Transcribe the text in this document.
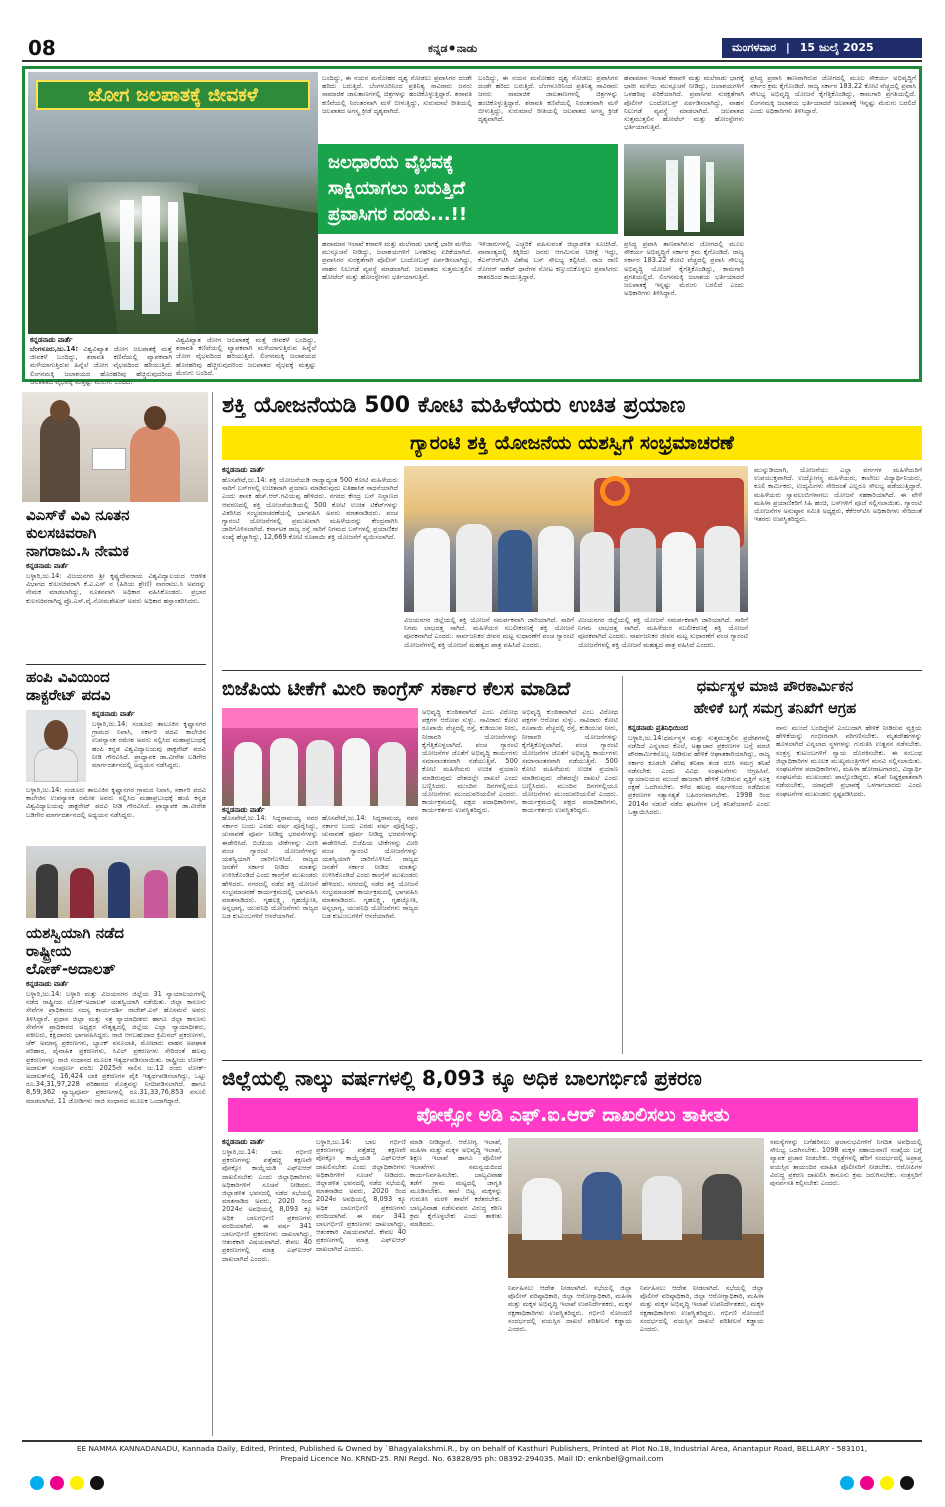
08	ಕನ್ನಡ⚫ನಾಡು	ಮಂಗಳವಾರ | 15 ಜುಲೈ 2025
ಜೋಗ ಜಲಪಾತಕ್ಕೆ ಜೀವಕಳೆ
ಜಲಧಾರೆಯ ವೈಭವಕ್ಕೆ
ಸಾಕ್ಷಿಯಾಗಲು ಬರುತ್ತಿದೆ
ಪ್ರವಾಸಿಗರ ದಂಡು...!!
ಕನ್ನಡನಾಡು ವಾರ್ತೆ
ಬೆಂಗಳೂರು,ಜು.14: ವಿಶ್ವವಿಖ್ಯಾತ ಜೋಗ ಜಲಪಾತಕ್ಕೆ ಮತ್ತೆ ಜೀವಕಳೆ ಬಂದಿದ್ದು, ಶರಾವತಿ ಕಣಿವೆಯಲ್ಲಿ ವ್ಯಾಪಕವಾಗಿ ಮಳೆಯಾಗುತ್ತಿರುವ ಹಿನ್ನೆಲೆ ಜೋಗ ವೈಭವದಿಂದ ಹರಿಯುತ್ತಿದೆ. ಲಿಂಗನಮಕ್ಕಿ ಜಲಾಶಯದ ಹೊರಹರಿವು ಹೆಚ್ಚಿರುವುದರಿಂದ ಜಲಪಾತದ ವೈಭವಕ್ಕೆ ಮತ್ತಷ್ಟು ಮೆರುಗು ಬಂದಿದೆ.
ವಿಶ್ವವಿಖ್ಯಾತ ಜೋಗ ಜಲಪಾತಕ್ಕೆ ಮತ್ತೆ ಜೀವಕಳೆ ಬಂದಿದ್ದು, ಶರಾವತಿ ಕಣಿವೆಯಲ್ಲಿ ವ್ಯಾಪಕವಾಗಿ ಮಳೆಯಾಗುತ್ತಿರುವ ಹಿನ್ನೆಲೆ ಜೋಗ ವೈಭವದಿಂದ ಹರಿಯುತ್ತಿದೆ. ಲಿಂಗನಮಕ್ಕಿ ಜಲಾಶಯದ ಹೊರಹರಿವು ಹೆಚ್ಚಿರುವುದರಿಂದ ಜಲಪಾತದ ವೈಭವಕ್ಕೆ ಮತ್ತಷ್ಟು ಮೆರುಗು ಬಂದಿದೆ.
ಬಂದಿದ್ದು, ಈ ನಯನ ಮನೋಹರ ದೃಶ್ಯ ನೋಡಲು ಪ್ರವಾಸಿಗರ ದಂಡೇ ಹರಿದು ಬರುತ್ತಿದೆ. ಬೆಂಗಳೂರಿನಿಂದ ಪ್ರತಿನಿತ್ಯ ಸಾವಿರಾರು ಜನರು ಸಾಮಾಜಿಕ ಜಾಲತಾಣಗಳಲ್ಲಿ ಚಿತ್ರಗಳನ್ನು ಹಂಚಿಕೊಳ್ಳುತ್ತಿದ್ದಾರೆ. ಶರಾವತಿ ಕಣಿವೆಯಲ್ಲಿ ನಿರಂತರವಾಗಿ ಮಳೆ ಬೀಳುತ್ತಿದ್ದು, ಸುರುಮಾಲೆ ರೀತಿಯಲ್ಲಿ ಜಲಪಾತದ ಅಗಸ್ತ್ಯ ಕ್ರೀಡೆ ದೃಶ್ಯವಾಗಿದೆ.
ಬಂದಿದ್ದು, ಈ ನಯನ ಮನೋಹರ ದೃಶ್ಯ ನೋಡಲು ಪ್ರವಾಸಿಗರ ದಂಡೇ ಹರಿದು ಬರುತ್ತಿದೆ. ಬೆಂಗಳೂರಿನಿಂದ ಪ್ರತಿನಿತ್ಯ ಸಾವಿರಾರು ಜನರು ಸಾಮಾಜಿಕ ಜಾಲತಾಣಗಳಲ್ಲಿ ಚಿತ್ರಗಳನ್ನು ಹಂಚಿಕೊಳ್ಳುತ್ತಿದ್ದಾರೆ. ಶರಾವತಿ ಕಣಿವೆಯಲ್ಲಿ ನಿರಂತರವಾಗಿ ಮಳೆ ಬೀಳುತ್ತಿದ್ದು, ಸುರುಮಾಲೆ ರೀತಿಯಲ್ಲಿ ಜಲಪಾತದ ಅಗಸ್ತ್ಯ ಕ್ರೀಡೆ ದೃಶ್ಯವಾಗಿದೆ.
ಹವಾಮಾನ ಇಲಾಖೆ ಕರಾವಳಿ ಮತ್ತು ಮಲೆನಾಡು ಭಾಗಕ್ಕೆ ಭಾರೀ ಮಳೆಯ ಮುನ್ಸೂಚನೆ ನೀಡಿದ್ದು, ಜಲಾಶಯಗಳಿಗೆ ಒಳಹರಿವು ಏರಿಕೆಯಾಗಿದೆ. ಪ್ರವಾಸಿಗರ ಸುರಕ್ಷತೆಗಾಗಿ ಪೊಲೀಸ್ ಬಂದೋಬಸ್ತ್ ಏರ್ಪಡಿಸಲಾಗಿದ್ದು, ವಾಹನ ನಿಲುಗಡೆ ವ್ಯವಸ್ಥೆ ಮಾಡಲಾಗಿದೆ. ಜಲಪಾತದ ಸುತ್ತಮುತ್ತಲಿನ ಹೋಟೆಲ್ ಮತ್ತು ಹೋಂಸ್ಟೇಗಳು ಭರ್ತಿಯಾಗುತ್ತಿವೆ.
ಪ್ರಸಿದ್ಧ ಪ್ರವಾಸಿ ತಾಣವಾಗಿರುವ ಜೋಗದಲ್ಲಿ ಮೂಲ ಸೌಕರ್ಯ ಅಭಿವೃದ್ಧಿಗೆ ಸರ್ಕಾರ ಕ್ರಮ ಕೈಗೊಂಡಿದೆ. ರಾಜ್ಯ ಸರ್ಕಾರ 183.22 ಕೋಟಿ ವೆಚ್ಚದಲ್ಲಿ ಪ್ರವಾಸಿ ಸೌಲಭ್ಯ ಅಭಿವೃದ್ಧಿ ಯೋಜನೆ ಕೈಗೆತ್ತಿಕೊಂಡಿದ್ದು, ಕಾಮಗಾರಿ ಪ್ರಗತಿಯಲ್ಲಿದೆ. ಲಿಂಗನಮಕ್ಕಿ ಜಲಾಶಯ ಭರ್ತಿಯಾದರೆ ಜಲಪಾತಕ್ಕೆ ಇನ್ನಷ್ಟು ಮೆರುಗು ಬರಲಿದೆ ಎಂದು ಅಧಿಕಾರಿಗಳು ತಿಳಿಸಿದ್ದಾರೆ.
ಹವಾಮಾನ ಇಲಾಖೆ ಕರಾವಳಿ ಮತ್ತು ಮಲೆನಾಡು ಭಾಗಕ್ಕೆ ಭಾರೀ ಮಳೆಯ ಮುನ್ಸೂಚನೆ ನೀಡಿದ್ದು, ಜಲಾಶಯಗಳಿಗೆ ಒಳಹರಿವು ಏರಿಕೆಯಾಗಿದೆ. ಪ್ರವಾಸಿಗರ ಸುರಕ್ಷತೆಗಾಗಿ ಪೊಲೀಸ್ ಬಂದೋಬಸ್ತ್ ಏರ್ಪಡಿಸಲಾಗಿದ್ದು, ವಾಹನ ನಿಲುಗಡೆ ವ್ಯವಸ್ಥೆ ಮಾಡಲಾಗಿದೆ. ಜಲಪಾತದ ಸುತ್ತಮುತ್ತಲಿನ ಹೋಟೆಲ್ ಮತ್ತು ಹೋಂಸ್ಟೇಗಳು ಭರ್ತಿಯಾಗುತ್ತಿವೆ.
ಇಳಿಜಾರುಗಳಲ್ಲಿ ಎಚ್ಚರಿಕೆ ವಹಿಸುವಂತೆ ಜಿಲ್ಲಾಡಳಿತ ಸೂಚಿಸಿದೆ. ವಾರಾಂತ್ಯದಲ್ಲಿ ಕಿಕ್ಕಿರಿದು ಜನರು ಆಗಮಿಸುವ ನಿರೀಕ್ಷೆ ಇದ್ದು, ಕೆಎಸ್‌ಆರ್‌ಟಿಸಿ ವಿಶೇಷ ಬಸ್ ಸೌಲಭ್ಯ ಕಲ್ಪಿಸಿದೆ. ರಾಜ ರಾಣಿ ರೋರರ್ ರಾಕೆಟ್ ಧಾರೆಗಳ ನೋಟ ಕಣ್ತುಂಬಿಕೊಳ್ಳಲು ಪ್ರವಾಸಿಗರು ಕಾತರದಿಂದ ಕಾಯುತ್ತಿದ್ದಾರೆ.
ಪ್ರಸಿದ್ಧ ಪ್ರವಾಸಿ ತಾಣವಾಗಿರುವ ಜೋಗದಲ್ಲಿ ಮೂಲ ಸೌಕರ್ಯ ಅಭಿವೃದ್ಧಿಗೆ ಸರ್ಕಾರ ಕ್ರಮ ಕೈಗೊಂಡಿದೆ. ರಾಜ್ಯ ಸರ್ಕಾರ 183.22 ಕೋಟಿ ವೆಚ್ಚದಲ್ಲಿ ಪ್ರವಾಸಿ ಸೌಲಭ್ಯ ಅಭಿವೃದ್ಧಿ ಯೋಜನೆ ಕೈಗೆತ್ತಿಕೊಂಡಿದ್ದು, ಕಾಮಗಾರಿ ಪ್ರಗತಿಯಲ್ಲಿದೆ. ಲಿಂಗನಮಕ್ಕಿ ಜಲಾಶಯ ಭರ್ತಿಯಾದರೆ ಜಲಪಾತಕ್ಕೆ ಇನ್ನಷ್ಟು ಮೆರುಗು ಬರಲಿದೆ ಎಂದು ಅಧಿಕಾರಿಗಳು ತಿಳಿಸಿದ್ದಾರೆ.
ವಿಎಸ್‌ಕೆ ವಿವಿ ನೂತನ
ಕುಲಸಚಿವರಾಗಿ
ನಾಗರಾಜು.ಸಿ ನೇಮಕ
ಕನ್ನಡನಾಡು ವಾರ್ತೆ
ಬಳ್ಳಾರಿ,ಜು.14: ವಿಜಯನಗರ ಶ್ರೀ ಕೃಷ್ಣದೇವರಾಯ ವಿಶ್ವವಿದ್ಯಾಲಯದ ಆಡಳಿತ ವಿಭಾಗದ ಕುಲಸಚಿವರಾಗಿ ಕೆ.ಎ.ಎಸ್ ನ (ಹಿರಿಯ ಶ್ರೇಣಿ) ನಾಗರಾಜು.ಸಿ ಅವರನ್ನು ನೇಮಕ ಮಾಡಲಾಗಿದ್ದು, ನೂತನವಾಗಿ ಅಧಿಕಾರ ವಹಿಸಿಕೊಂಡರು. ಪ್ರಭಾರ ಕುಲಸಚಿವರಾಗಿದ್ದ ಪ್ರೊ.ಎಸ್.ವೈ.ಸೋಮಶೇಖರ್ ಅವರು ಅಧಿಕಾರ ಹಸ್ತಾಂತರಿಸಿದರು.
ಹಂಪಿ ವಿವಿಯಿಂದ
ಡಾಕ್ಟರೇಟ್ ಪದವಿ
ಕನ್ನಡನಾಡು ವಾರ್ತೆ
ಬಳ್ಳಾರಿ,ಜು.14: ಸಂಡೂರು ತಾಲೂಕಿನ ಕೃಷ್ಣಾನಗರ ಗ್ರಾಮದ ನಿವಾಸಿ, ಸರ್ಕಾರಿ ಪದವಿ ಕಾಲೇಜಿನ ಉಪನ್ಯಾಸಕ ರಮೇಶ ಅವರು ಸಲ್ಲಿಸಿದ ಮಹಾಪ್ರಬಂಧಕ್ಕೆ ಹಂಪಿ ಕನ್ನಡ ವಿಶ್ವವಿದ್ಯಾಲಯವು ಡಾಕ್ಟರೇಟ್ ಪದವಿ ನೀಡಿ ಗೌರವಿಸಿದೆ. ಪ್ರಾಧ್ಯಾಪಕ ಡಾ.ವೀರೇಶ ಬಡಿಗೇರ ಮಾರ್ಗದರ್ಶನದಲ್ಲಿ ಅಧ್ಯಯನ ನಡೆಸಿದ್ದರು.
ಬಳ್ಳಾರಿ,ಜು.14: ಸಂಡೂರು ತಾಲೂಕಿನ ಕೃಷ್ಣಾನಗರ ಗ್ರಾಮದ ನಿವಾಸಿ, ಸರ್ಕಾರಿ ಪದವಿ ಕಾಲೇಜಿನ ಉಪನ್ಯಾಸಕ ರಮೇಶ ಅವರು ಸಲ್ಲಿಸಿದ ಮಹಾಪ್ರಬಂಧಕ್ಕೆ ಹಂಪಿ ಕನ್ನಡ ವಿಶ್ವವಿದ್ಯಾಲಯವು ಡಾಕ್ಟರೇಟ್ ಪದವಿ ನೀಡಿ ಗೌರವಿಸಿದೆ. ಪ್ರಾಧ್ಯಾಪಕ ಡಾ.ವೀರೇಶ ಬಡಿಗೇರ ಮಾರ್ಗದರ್ಶನದಲ್ಲಿ ಅಧ್ಯಯನ ನಡೆಸಿದ್ದರು.
ಯಶಸ್ವಿಯಾಗಿ ನಡೆದ
ರಾಷ್ಟ್ರೀಯ
ಲೋಕ್-ಅದಾಲತ್
ಕನ್ನಡನಾಡು ವಾರ್ತೆ
ಬಳ್ಳಾರಿ,ಜು.14: ಬಳ್ಳಾರಿ ಮತ್ತು ವಿಜಯನಗರ ಜಿಲ್ಲೆಯ 31 ನ್ಯಾಯಾಲಯಗಳಲ್ಲಿ ನಡೆದ ರಾಷ್ಟ್ರೀಯ ಲೋಕ್-ಅದಾಲತ್ ಯಶಸ್ವಿಯಾಗಿ ನಡೆಯಿತು. ಜಿಲ್ಲಾ ಕಾನೂನು ಸೇವೆಗಳ ಪ್ರಾಧಿಕಾರದ ಸದಸ್ಯ ಕಾರ್ಯದರ್ಶಿ ರಾಜೇಶ್.ಎನ್ ಹೊಸಮನೆ ಅವರು ತಿಳಿಸಿದ್ದಾರೆ. ಪ್ರಧಾನ ಜಿಲ್ಲಾ ಮತ್ತು ಸತ್ರ ನ್ಯಾಯಾಧೀಶರು ಹಾಗೂ ಜಿಲ್ಲಾ ಕಾನೂನು ಸೇವೆಗಳ ಪ್ರಾಧಿಕಾರದ ಅಧ್ಯಕ್ಷರ ನೇತೃತ್ವದಲ್ಲಿ ಜಿಲ್ಲೆಯ ಎಲ್ಲಾ ನ್ಯಾಯಾಧೀಶರು, ವಕೀಲರು, ಕಕ್ಷಿದಾರರು ಭಾಗವಹಿಸಿದ್ದರು. ರಾಜಿ ಆಗಬಹುದಾದ ಕ್ರಿಮಿನಲ್ ಪ್ರಕರಣಗಳು, ಚೆಕ್ ಅಮಾನ್ಯ ಪ್ರಕರಣಗಳು, ಬ್ಯಾಂಕ್ ವಸೂಲಾತಿ, ಮೋಟಾರು ವಾಹನ ಅಪಘಾತ ಪರಿಹಾರ, ವೈವಾಹಿಕ ಪ್ರಕರಣಗಳು, ಸಿವಿಲ್ ಪ್ರಕರಣಗಳು ಸೇರಿದಂತೆ ಹಲವು ಪ್ರಕರಣಗಳನ್ನು ರಾಜಿ ಸಂಧಾನದ ಮೂಲಕ ಇತ್ಯರ್ಥಪಡಿಸಲಾಯಿತು. ರಾಷ್ಟ್ರೀಯ ಲೋಕ್-ಅದಾಲತ್ ಸಂಪೂರ್ಣ ವರದಿ: 2025ನೇ ಸಾಲಿನ ಜು.12 ರಂದು ಲೋಕ್-ಅದಾಲತ್‌ನಲ್ಲಿ 16,424 ಬಾಕಿ ಪ್ರಕರಣಗಳ ಪೈಕಿ ಇತ್ಯರ್ಥಪಡಿಸಲಾಗಿದ್ದು, ಒಟ್ಟು ರೂ.34,31,97,228 ಪರಿಹಾರದ ಮೊತ್ತವನ್ನು ನಿಗದಿಪಡಿಸಲಾಗಿದೆ. ಹಾಗೂ 8,59,362 ವ್ಯಾಜ್ಯಪೂರ್ವ ಪ್ರಕರಣಗಳಲ್ಲಿ ರೂ.31,33,76,853 ವಸೂಲಿ ಮಾಡಲಾಗಿದೆ. 11 ಜೋಡಿಗಳು ರಾಜಿ ಸಂಧಾನದ ಮೂಲಕ ಒಂದಾಗಿದ್ದಾರೆ.
ಶಕ್ತಿ ಯೋಜನೆಯಡಿ 500 ಕೋಟಿ ಮಹಿಳೆಯರು ಉಚಿತ ಪ್ರಯಾಣ
ಗ್ಯಾರಂಟಿ ಶಕ್ತಿ ಯೋಜನೆಯ ಯಶಸ್ವಿಗೆ ಸಂಭ್ರಮಾಚರಣೆ
ಕನ್ನಡನಾಡು ವಾರ್ತೆ
ಹೊಸಪೇಟೆ,ಜು.14: ಶಕ್ತಿ ಯೋಜನೆಯಡಿ ರಾಜ್ಯಾದ್ಯಂತ 500 ಕೋಟಿ ಮಹಿಳೆಯರು ಸಾರಿಗೆ ಬಸ್‌ಗಳಲ್ಲಿ ಉಚಿತವಾಗಿ ಪ್ರಯಾಣ ಮಾಡಿರುವುದು ಐತಿಹಾಸಿಕ ಸಾಧನೆಯಾಗಿದೆ ಎಂದು ಶಾಸಕ ಹೆಚ್.ಆರ್.ಗವಿಯಪ್ಪ ಹೇಳಿದರು. ನಗರದ ಕೇಂದ್ರ ಬಸ್ ನಿಲ್ದಾಣದ ಆವರಣದಲ್ಲಿ ಶಕ್ತಿ ಯೋಜನೆಯಡಿಯಲ್ಲಿ 500 ಕೋಟಿ ಉಚಿತ ಟಿಕೆಟ್‌ಗಳನ್ನು ವಿತರಿಸಿದ ಸಂಭ್ರಮಾಚರಣೆಯಲ್ಲಿ ಭಾಗವಹಿಸಿ ಅವರು ಮಾತನಾಡಿದರು. ಪಂಚ ಗ್ಯಾರಂಟಿ ಯೋಜನೆಗಳಲ್ಲಿ ಪ್ರಮುಖವಾಗಿ ಮಹಿಳೆಯರನ್ನು ಕೇಂದ್ರವಾಗಿಸಿ ಜಾರಿಗೊಳಿಸಲಾಗಿದೆ. ಕರ್ನಾಟಕ ರಾಜ್ಯ ರಸ್ತೆ ಸಾರಿಗೆ ನಿಗಮದ ಬಸ್‌ಗಳಲ್ಲಿ ಪ್ರಯಾಣಿಕರ ಸಂಖ್ಯೆ ಹೆಚ್ಚಾಗಿದ್ದು, 12,669 ಕೋಟಿ ರೂಪಾಯಿ ಶಕ್ತಿ ಯೋಜನೆಗೆ ವ್ಯಯಿಸಲಾಗಿದೆ.
ವಿಜಯನಗರ ಜಿಲ್ಲೆಯಲ್ಲಿ ಶಕ್ತಿ ಯೋಜನೆ ಸಮರ್ಪಕವಾಗಿ ಜಾರಿಯಾಗಿದೆ. ಸಾರಿಗೆ ನಿಗಮ ಲಾಭದತ್ತ ಸಾಗಿದೆ. ಮಹಿಳೆಯರ ಸಬಲೀಕರಣಕ್ಕೆ ಶಕ್ತಿ ಯೋಜನೆ ಪೂರಕವಾಗಿದೆ ಎಂದರು. ಸಾರ್ವಜನಿಕರ ಜೀವನ ಮಟ್ಟ ಸುಧಾರಣೆಗೆ ಪಂಚ ಗ್ಯಾರಂಟಿ ಯೋಜನೆಗಳಲ್ಲಿ ಶಕ್ತಿ ಯೋಜನೆ ಮಹತ್ವದ ಪಾತ್ರ ವಹಿಸಿದೆ ಎಂದರು.
ವಿಜಯನಗರ ಜಿಲ್ಲೆಯಲ್ಲಿ ಶಕ್ತಿ ಯೋಜನೆ ಸಮರ್ಪಕವಾಗಿ ಜಾರಿಯಾಗಿದೆ. ಸಾರಿಗೆ ನಿಗಮ ಲಾಭದತ್ತ ಸಾಗಿದೆ. ಮಹಿಳೆಯರ ಸಬಲೀಕರಣಕ್ಕೆ ಶಕ್ತಿ ಯೋಜನೆ ಪೂರಕವಾಗಿದೆ ಎಂದರು. ಸಾರ್ವಜನಿಕರ ಜೀವನ ಮಟ್ಟ ಸುಧಾರಣೆಗೆ ಪಂಚ ಗ್ಯಾರಂಟಿ ಯೋಜನೆಗಳಲ್ಲಿ ಶಕ್ತಿ ಯೋಜನೆ ಮಹತ್ವದ ಪಾತ್ರ ವಹಿಸಿದೆ ಎಂದರು.
ಮುನ್ನುಡಿಯಾಗಿ, ಯೋಜನೆಯು ಎಲ್ಲಾ ವರ್ಗಗಳ ಮಹಿಳೆಯರಿಗೆ ಉಪಯುಕ್ತವಾಗಿದೆ. ಉದ್ಯೋಗಸ್ಥ ಮಹಿಳೆಯರು, ಕಾಲೇಜು ವಿದ್ಯಾರ್ಥಿನಿಯರು, ಕೂಲಿ ಕಾರ್ಮಿಕರು, ಉದ್ಯಮಿಗಳು ಸೇರಿದಂತೆ ಎಲ್ಲರೂ ಸೌಲಭ್ಯ ಪಡೆಯುತ್ತಿದ್ದಾರೆ. ಮಹಿಳೆಯರು ಸ್ವಾವಲಂಬಿಗಳಾಗಲು ಯೋಜನೆ ಸಹಕಾರಿಯಾಗಿದೆ. ಈ ವೇಳೆ ಮಹಿಳಾ ಪ್ರಯಾಣಿಕರಿಗೆ ಸಿಹಿ ಹಂಚಿ, ಬಸ್‌ಗಳಿಗೆ ಪೂಜೆ ಸಲ್ಲಿಸಲಾಯಿತು. ಗ್ಯಾರಂಟಿ ಯೋಜನೆಗಳ ಅನುಷ್ಠಾನ ಸಮಿತಿ ಅಧ್ಯಕ್ಷರು, ಕೆಕೆಆರ್‌ಟಿಸಿ ಅಧಿಕಾರಿಗಳು ಸೇರಿದಂತೆ ಇತರರು ಉಪಸ್ಥಿತರಿದ್ದರು.
ಬಿಜೆಪಿಯ ಟೀಕೆಗೆ ಮೀರಿ ಕಾಂಗ್ರೆಸ್ ಸರ್ಕಾರ ಕೆಲಸ ಮಾಡಿದೆ
ಹೊಸಪೇಟೆ,ಜು.14: ಸಿದ್ದರಾಮಯ್ಯ ನವರ ಸರ್ಕಾರ ಬಂದು ಎರಡು ವರ್ಷ ಪೂರೈಸಿದ್ದು, ಚುನಾವಣೆ ಪೂರ್ವ ನೀಡಿದ್ದ ಭರವಸೆಗಳನ್ನು ಈಡೇರಿಸಿದೆ. ಬಿಜೆಪಿಯ ಟೀಕೆಗಳನ್ನು ಮೀರಿ ಪಂಚ ಗ್ಯಾರಂಟಿ ಯೋಜನೆಗಳನ್ನು ಯಶಸ್ವಿಯಾಗಿ ಜಾರಿಗೊಳಿಸಿದೆ. ರಾಜ್ಯದ ಜನತೆಗೆ ಸರ್ಕಾರ ನೀಡಿದ ಮಾತನ್ನು ಉಳಿಸಿಕೊಂಡಿದೆ ಎಂದು ಕಾಂಗ್ರೆಸ್ ಮುಖಂಡರು ಹೇಳಿದರು. ನಗರದಲ್ಲಿ ನಡೆದ ಶಕ್ತಿ ಯೋಜನೆ ಸಂಭ್ರಮಾಚರಣೆ ಕಾರ್ಯಕ್ರಮದಲ್ಲಿ ಭಾಗವಹಿಸಿ ಮಾತನಾಡಿದರು. ಗೃಹಲಕ್ಷ್ಮಿ, ಗೃಹಜ್ಯೋತಿ, ಅನ್ನಭಾಗ್ಯ, ಯುವನಿಧಿ ಯೋಜನೆಗಳು ರಾಜ್ಯದ ಬಡ ಕುಟುಂಬಗಳಿಗೆ ಆಸರೆಯಾಗಿವೆ.
ಹೊಸಪೇಟೆ,ಜು.14: ಸಿದ್ದರಾಮಯ್ಯ ನವರ ಸರ್ಕಾರ ಬಂದು ಎರಡು ವರ್ಷ ಪೂರೈಸಿದ್ದು, ಚುನಾವಣೆ ಪೂರ್ವ ನೀಡಿದ್ದ ಭರವಸೆಗಳನ್ನು ಈಡೇರಿಸಿದೆ. ಬಿಜೆಪಿಯ ಟೀಕೆಗಳನ್ನು ಮೀರಿ ಪಂಚ ಗ್ಯಾರಂಟಿ ಯೋಜನೆಗಳನ್ನು ಯಶಸ್ವಿಯಾಗಿ ಜಾರಿಗೊಳಿಸಿದೆ. ರಾಜ್ಯದ ಜನತೆಗೆ ಸರ್ಕಾರ ನೀಡಿದ ಮಾತನ್ನು ಉಳಿಸಿಕೊಂಡಿದೆ ಎಂದು ಕಾಂಗ್ರೆಸ್ ಮುಖಂಡರು ಹೇಳಿದರು. ನಗರದಲ್ಲಿ ನಡೆದ ಶಕ್ತಿ ಯೋಜನೆ ಸಂಭ್ರಮಾಚರಣೆ ಕಾರ್ಯಕ್ರಮದಲ್ಲಿ ಭಾಗವಹಿಸಿ ಮಾತನಾಡಿದರು. ಗೃಹಲಕ್ಷ್ಮಿ, ಗೃಹಜ್ಯೋತಿ, ಅನ್ನಭಾಗ್ಯ, ಯುವನಿಧಿ ಯೋಜನೆಗಳು ರಾಜ್ಯದ ಬಡ ಕುಟುಂಬಗಳಿಗೆ ಆಸರೆಯಾಗಿವೆ.
ಕನ್ನಡನಾಡು ವಾರ್ತೆ
ಅಭಿವೃದ್ಧಿ ಕುಂಠಿತವಾಗಿದೆ ಎಂಬ ವಿರೋಧ ಪಕ್ಷಗಳ ಆರೋಪ ಸುಳ್ಳು. ಸಾವಿರಾರು ಕೋಟಿ ರೂಪಾಯಿ ವೆಚ್ಚದಲ್ಲಿ ರಸ್ತೆ, ಕುಡಿಯುವ ನೀರು, ನೀರಾವರಿ ಯೋಜನೆಗಳನ್ನು ಕೈಗೆತ್ತಿಕೊಳ್ಳಲಾಗಿದೆ. ಪಂಚ ಗ್ಯಾರಂಟಿ ಯೋಜನೆಗಳ ಜೊತೆಗೆ ಅಭಿವೃದ್ಧಿ ಕಾರ್ಯಗಳು ಸಮಾನಾಂತರವಾಗಿ ನಡೆಯುತ್ತಿವೆ. 500 ಕೋಟಿ ಮಹಿಳೆಯರು ಉಚಿತ ಪ್ರಯಾಣ ಮಾಡಿರುವುದು ದೇಶದಲ್ಲೇ ದಾಖಲೆ ಎಂದು ಬಣ್ಣಿಸಿದರು. ಮುಂದಿನ ದಿನಗಳಲ್ಲಿಯೂ ಯೋಜನೆಗಳು ಮುಂದುವರಿಯಲಿವೆ ಎಂದರು. ಕಾರ್ಯಕ್ರಮದಲ್ಲಿ ಪಕ್ಷದ ಪದಾಧಿಕಾರಿಗಳು, ಕಾರ್ಯಕರ್ತರು ಉಪಸ್ಥಿತರಿದ್ದರು.
ಅಭಿವೃದ್ಧಿ ಕುಂಠಿತವಾಗಿದೆ ಎಂಬ ವಿರೋಧ ಪಕ್ಷಗಳ ಆರೋಪ ಸುಳ್ಳು. ಸಾವಿರಾರು ಕೋಟಿ ರೂಪಾಯಿ ವೆಚ್ಚದಲ್ಲಿ ರಸ್ತೆ, ಕುಡಿಯುವ ನೀರು, ನೀರಾವರಿ ಯೋಜನೆಗಳನ್ನು ಕೈಗೆತ್ತಿಕೊಳ್ಳಲಾಗಿದೆ. ಪಂಚ ಗ್ಯಾರಂಟಿ ಯೋಜನೆಗಳ ಜೊತೆಗೆ ಅಭಿವೃದ್ಧಿ ಕಾರ್ಯಗಳು ಸಮಾನಾಂತರವಾಗಿ ನಡೆಯುತ್ತಿವೆ. 500 ಕೋಟಿ ಮಹಿಳೆಯರು ಉಚಿತ ಪ್ರಯಾಣ ಮಾಡಿರುವುದು ದೇಶದಲ್ಲೇ ದಾಖಲೆ ಎಂದು ಬಣ್ಣಿಸಿದರು. ಮುಂದಿನ ದಿನಗಳಲ್ಲಿಯೂ ಯೋಜನೆಗಳು ಮುಂದುವರಿಯಲಿವೆ ಎಂದರು. ಕಾರ್ಯಕ್ರಮದಲ್ಲಿ ಪಕ್ಷದ ಪದಾಧಿಕಾರಿಗಳು, ಕಾರ್ಯಕರ್ತರು ಉಪಸ್ಥಿತರಿದ್ದರು.
ಧರ್ಮಸ್ಥಳ ಮಾಜಿ ಪೌರಕಾರ್ಮಿಕನ
ಹೇಳಿಕೆ ಬಗ್ಗೆ ಸಮಗ್ರ ತನಿಖೆಗೆ ಆಗ್ರಹ
ಕನ್ನಡನಾಡು ಪ್ರತಿನಿಧಿಯಿಂದ
ಬಳ್ಳಾರಿ,ಜು.14:ಧರ್ಮಸ್ಥಳ ಮತ್ತು ಸುತ್ತಮುತ್ತಲಿನ ಪ್ರದೇಶಗಳಲ್ಲಿ ನಡೆದಿದೆ ಎನ್ನಲಾದ ಕೊಲೆ, ಅತ್ಯಾಚಾರ ಪ್ರಕರಣಗಳ ಬಗ್ಗೆ ಮಾಜಿ ಪೌರಕಾರ್ಮಿಕನೊಬ್ಬ ನೀಡಿರುವ ಹೇಳಿಕೆ ಆಘಾತಕಾರಿಯಾಗಿದ್ದು, ರಾಜ್ಯ ಸರ್ಕಾರ ಕೂಡಲೇ ವಿಶೇಷ ತನಿಖಾ ತಂಡ ರಚಿಸಿ ಸಮಗ್ರ ತನಿಖೆ ನಡೆಸಬೇಕು ಎಂದು ವಿವಿಧ ಸಂಘಟನೆಗಳು ಆಗ್ರಹಿಸಿವೆ. ನ್ಯಾಯಾಲಯದ ಮುಂದೆ ಹಾಜರಾಗಿ ಹೇಳಿಕೆ ನೀಡಿರುವ ವ್ಯಕ್ತಿಗೆ ಸೂಕ್ತ ರಕ್ಷಣೆ ಒದಗಿಸಬೇಕು. ಕಳೆದ ಹಲವು ವರ್ಷಗಳಿಂದ ನಡೆದಿರುವ ಪ್ರಕರಣಗಳ ಸತ್ಯಾಸತ್ಯತೆ ಬಹಿರಂಗವಾಗಬೇಕು. 1998 ರಿಂದ 2014ರ ನಡುವೆ ನಡೆದ ಘಟನೆಗಳ ಬಗ್ಗೆ ತನಿಖೆಯಾಗಲಿ ಎಂದು ಒತ್ತಾಯಿಸಿದರು.
ನಾನು ಮುಂದೆ ಬಂದಿದ್ದೇನೆ ಎಂಬುದಾಗಿ ಹೇಳಿಕೆ ನೀಡಿರುವ ವ್ಯಕ್ತಿಯ ಹೇಳಿಕೆಯನ್ನು ಗಂಭೀರವಾಗಿ ಪರಿಗಣಿಸಬೇಕು. ಮೃತದೇಹಗಳನ್ನು ಹೂಳಲಾಗಿದೆ ಎನ್ನಲಾದ ಸ್ಥಳಗಳನ್ನು ಗುರುತಿಸಿ ಉತ್ಖನನ ನಡೆಸಬೇಕು. ಸಂತ್ರಸ್ತ ಕುಟುಂಬಗಳಿಗೆ ನ್ಯಾಯ ದೊರಕಿಸಬೇಕು. ಈ ಸಂಬಂಧ ಜಿಲ್ಲಾಧಿಕಾರಿಗಳ ಮೂಲಕ ಮುಖ್ಯಮಂತ್ರಿಗಳಿಗೆ ಮನವಿ ಸಲ್ಲಿಸಲಾಯಿತು. ಸಂಘಟನೆಗಳ ಪದಾಧಿಕಾರಿಗಳು, ಮಹಿಳಾ ಹೋರಾಟಗಾರರು, ವಿದ್ಯಾರ್ಥಿ ಸಂಘಟನೆಯ ಮುಖಂಡರು ಪಾಲ್ಗೊಂಡಿದ್ದರು. ತನಿಖೆ ನಿಷ್ಪಕ್ಷಪಾತವಾಗಿ ನಡೆಯಬೇಕು, ಯಾವುದೇ ಪ್ರಭಾವಕ್ಕೆ ಒಳಗಾಗಬಾರದು ಎಂದು ಸಂಘಟನೆಗಳ ಮುಖಂಡರು ಸ್ಪಷ್ಟಪಡಿಸಿದರು.
ಜಿಲ್ಲೆಯಲ್ಲಿ ನಾಲ್ಕು ವರ್ಷಗಳಲ್ಲಿ 8,093 ಕ್ಕೂ ಅಧಿಕ ಬಾಲಗರ್ಭಿಣಿ ಪ್ರಕರಣ
ಪೋಕ್ಸೋ ಅಡಿ ಎಫ್.ಐ.ಆರ್ ದಾಖಲಿಸಲು ತಾಕೀತು
ಕನ್ನಡನಾಡು ವಾರ್ತೆ
ಬಳ್ಳಾರಿ,ಜು.14: ಬಾಲ ಗರ್ಭಿಣಿ ಪ್ರಕರಣಗಳನ್ನು ಪತ್ತೆಹಚ್ಚಿ ತಕ್ಷಣವೇ ಪೋಕ್ಸೋ ಕಾಯ್ದೆಯಡಿ ಎಫ್‌ಐಆರ್ ದಾಖಲಿಸಬೇಕು ಎಂದು ಜಿಲ್ಲಾಧಿಕಾರಿಗಳು ಅಧಿಕಾರಿಗಳಿಗೆ ಸೂಚನೆ ನೀಡಿದರು. ಜಿಲ್ಲಾಡಳಿತ ಭವನದಲ್ಲಿ ನಡೆದ ಸಭೆಯಲ್ಲಿ ಮಾತನಾಡಿದ ಅವರು, 2020 ರಿಂದ 2024ರ ಅವಧಿಯಲ್ಲಿ 8,093 ಕ್ಕೂ ಅಧಿಕ ಬಾಲಗರ್ಭಿಣಿ ಪ್ರಕರಣಗಳು ವರದಿಯಾಗಿವೆ. ಈ ವರ್ಷ 341 ಬಾಲಗರ್ಭಿಣಿ ಪ್ರಕರಣಗಳು ದಾಖಲಾಗಿದ್ದು, ಆತಂಕಕಾರಿ ವಿಷಯವಾಗಿದೆ. ಕೇವಲ 40 ಪ್ರಕರಣಗಳಲ್ಲಿ ಮಾತ್ರ ಎಫ್‌ಐಆರ್ ದಾಖಲಾಗಿದೆ ಎಂದರು.
ಬಳ್ಳಾರಿ,ಜು.14: ಬಾಲ ಗರ್ಭಿಣಿ ಪ್ರಕರಣಗಳನ್ನು ಪತ್ತೆಹಚ್ಚಿ ತಕ್ಷಣವೇ ಪೋಕ್ಸೋ ಕಾಯ್ದೆಯಡಿ ಎಫ್‌ಐಆರ್ ದಾಖಲಿಸಬೇಕು ಎಂದು ಜಿಲ್ಲಾಧಿಕಾರಿಗಳು ಅಧಿಕಾರಿಗಳಿಗೆ ಸೂಚನೆ ನೀಡಿದರು. ಜಿಲ್ಲಾಡಳಿತ ಭವನದಲ್ಲಿ ನಡೆದ ಸಭೆಯಲ್ಲಿ ಮಾತನಾಡಿದ ಅವರು, 2020 ರಿಂದ 2024ರ ಅವಧಿಯಲ್ಲಿ 8,093 ಕ್ಕೂ ಅಧಿಕ ಬಾಲಗರ್ಭಿಣಿ ಪ್ರಕರಣಗಳು ವರದಿಯಾಗಿವೆ. ಈ ವರ್ಷ 341 ಬಾಲಗರ್ಭಿಣಿ ಪ್ರಕರಣಗಳು ದಾಖಲಾಗಿದ್ದು, ಆತಂಕಕಾರಿ ವಿಷಯವಾಗಿದೆ. ಕೇವಲ 40 ಪ್ರಕರಣಗಳಲ್ಲಿ ಮಾತ್ರ ಎಫ್‌ಐಆರ್ ದಾಖಲಾಗಿದೆ ಎಂದರು.
ಮಾಡಿ ನೀಡಿದ್ದಾರೆ. ಆರೋಗ್ಯ ಇಲಾಖೆ, ಮಹಿಳಾ ಮತ್ತು ಮಕ್ಕಳ ಅಭಿವೃದ್ಧಿ ಇಲಾಖೆ, ಶಿಕ್ಷಣ ಇಲಾಖೆ ಹಾಗೂ ಪೊಲೀಸ್ ಇಲಾಖೆಗಳು ಸಮನ್ವಯದಿಂದ ಕಾರ್ಯನಿರ್ವಹಿಸಬೇಕು. ಬಾಲ್ಯವಿವಾಹ ತಡೆಗೆ ಗ್ರಾಮ ಮಟ್ಟದಲ್ಲಿ ಜಾಗೃತಿ ಮೂಡಿಸಬೇಕು. ಶಾಲೆ ಬಿಟ್ಟ ಮಕ್ಕಳನ್ನು ಗುರುತಿಸಿ ಮರಳಿ ಶಾಲೆಗೆ ಕರೆತರಬೇಕು. ಬಾಲ್ಯವಿವಾಹ ನಡೆಸುವವರ ವಿರುದ್ಧ ಕಠಿಣ ಕ್ರಮ ಕೈಗೊಳ್ಳಬೇಕು ಎಂದು ತಾಕೀತು ಮಾಡಿದರು.
ನಿರ್ವಹಿಸಲು ಆದೇಶ ನೀಡಲಾಗಿದೆ. ಸಭೆಯಲ್ಲಿ ಜಿಲ್ಲಾ ಪೊಲೀಸ್ ವರಿಷ್ಠಾಧಿಕಾರಿ, ಜಿಲ್ಲಾ ಆರೋಗ್ಯಾಧಿಕಾರಿ, ಮಹಿಳಾ ಮತ್ತು ಮಕ್ಕಳ ಅಭಿವೃದ್ಧಿ ಇಲಾಖೆ ಉಪನಿರ್ದೇಶಕರು, ಮಕ್ಕಳ ರಕ್ಷಣಾಧಿಕಾರಿಗಳು ಉಪಸ್ಥಿತರಿದ್ದರು. ಗರ್ಭಿಣಿ ನೋಂದಣಿ ಸಂದರ್ಭದಲ್ಲಿ ವಯಸ್ಸಿನ ದಾಖಲೆ ಪರಿಶೀಲನೆ ಕಡ್ಡಾಯ ಎಂದರು.
ನಿರ್ವಹಿಸಲು ಆದೇಶ ನೀಡಲಾಗಿದೆ. ಸಭೆಯಲ್ಲಿ ಜಿಲ್ಲಾ ಪೊಲೀಸ್ ವರಿಷ್ಠಾಧಿಕಾರಿ, ಜಿಲ್ಲಾ ಆರೋಗ್ಯಾಧಿಕಾರಿ, ಮಹಿಳಾ ಮತ್ತು ಮಕ್ಕಳ ಅಭಿವೃದ್ಧಿ ಇಲಾಖೆ ಉಪನಿರ್ದೇಶಕರು, ಮಕ್ಕಳ ರಕ್ಷಣಾಧಿಕಾರಿಗಳು ಉಪಸ್ಥಿತರಿದ್ದರು. ಗರ್ಭಿಣಿ ನೋಂದಣಿ ಸಂದರ್ಭದಲ್ಲಿ ವಯಸ್ಸಿನ ದಾಖಲೆ ಪರಿಶೀಲನೆ ಕಡ್ಡಾಯ ಎಂದರು.
ಸಮಸ್ಯೆಗಳನ್ನು ಬಗೆಹರಿಸಲು ಫಲಾನುಭವಿಗಳಿಗೆ ನಿಗದಿತ ಅವಧಿಯಲ್ಲಿ ಸೌಲಭ್ಯ ಒದಗಿಸಬೇಕು. 1098 ಮಕ್ಕಳ ಸಹಾಯವಾಣಿ ಸಂಖ್ಯೆಯ ಬಗ್ಗೆ ವ್ಯಾಪಕ ಪ್ರಚಾರ ನೀಡಬೇಕು. ಆಸ್ಪತ್ರೆಗಳಲ್ಲಿ ಹೆರಿಗೆ ಸಂದರ್ಭದಲ್ಲಿ ಅಪ್ರಾಪ್ತ ವಯಸ್ಸಿನ ತಾಯಂದಿರ ಮಾಹಿತಿ ಪೊಲೀಸರಿಗೆ ನೀಡಬೇಕು. ಆರೋಪಿಗಳ ವಿರುದ್ಧ ಪ್ರಕರಣ ದಾಖಲಿಸಿ ಕಾನೂನು ಕ್ರಮ ಜರುಗಿಸಬೇಕು. ಸಂತ್ರಸ್ತರಿಗೆ ಪುನರ್ವಸತಿ ಕಲ್ಪಿಸಬೇಕು ಎಂದರು.
EE NAMMA KANNADANADU, Kannada Daily, Edited, Printed, Published & Owned by `Bhagyalakshmi.R., by on behalf of Kasthuri Publishers, Printed at Plot No.18, Industrial Area, Anantapur Road, BELLARY - 583101,
Prepaid Licence No. KRND-25. RNI Regd. No. 63828/95 ph: 08392-294035. Mail ID: enknbel@gmail.com
